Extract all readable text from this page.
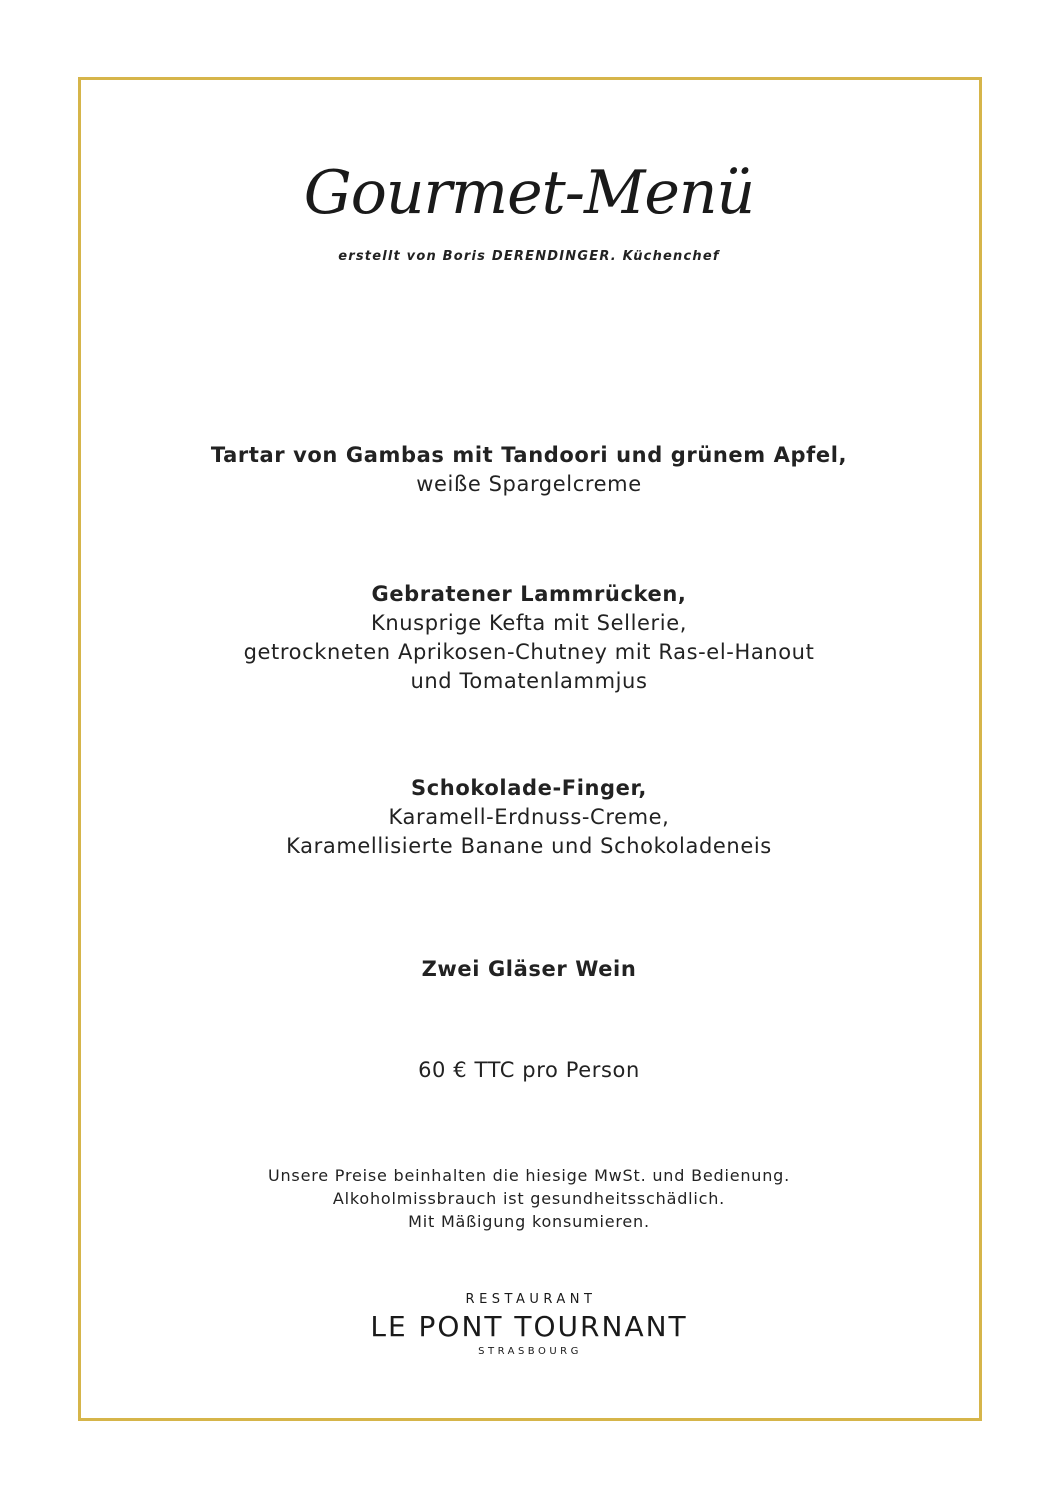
Gourmet-Menü
erstellt von Boris DERENDINGER. Küchenchef
Tartar von Gambas mit Tandoori und grünem Apfel,
weiße Spargelcreme
Gebratener Lammrücken,
Knusprige Kefta mit Sellerie,
getrockneten Aprikosen-Chutney mit Ras-el-Hanout
und Tomatenlammjus
Schokolade-Finger,
Karamell-Erdnuss-Creme,
Karamellisierte Banane und Schokoladeneis
Zwei Gläser Wein
60 € TTC pro Person
Unsere Preise beinhalten die hiesige MwSt. und Bedienung.
Alkoholmissbrauch ist gesundheitsschädlich.
Mit Mäßigung konsumieren.
RESTAURANT
LE PONT TOURNANT
STRASBOURG
